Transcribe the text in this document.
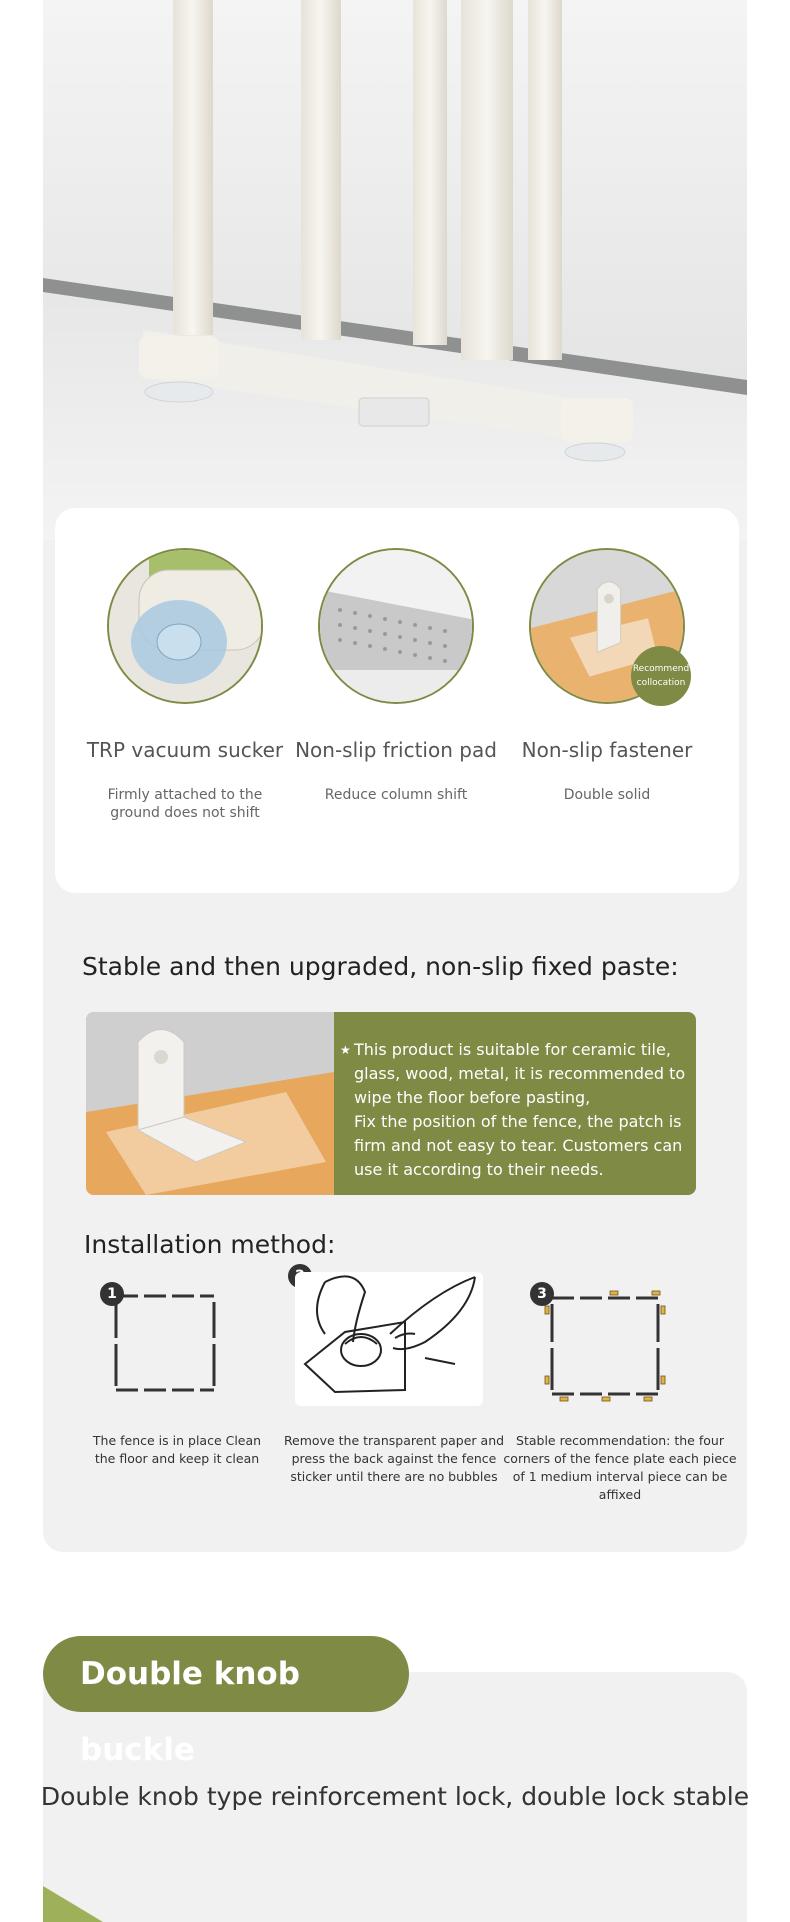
TRP vacuum sucker
Firmly attached to the
ground does not shift
Non-slip friction pad
Reduce column shift
Recommend
collocation
Non-slip fastener
Double solid
Stable and then upgraded, non-slip fixed paste:
★ This product is suitable for ceramic tile, glass, wood, metal, it is recommended to wipe the floor before pasting,

Fix the position of the fence, the patch is firm and not easy to tear. Customers can use it according to their needs.

Installation method:
1
The fence is in place Clean
the floor and keep it clean
Remove the transparent paper and
press the back against the fence
sticker until there are no bubbles
3
Stable recommendation: the four
corners of the fence plate each piece
of 1 medium interval piece can be affixed
Double knob buckle
Double knob type reinforcement lock, double lock stable
